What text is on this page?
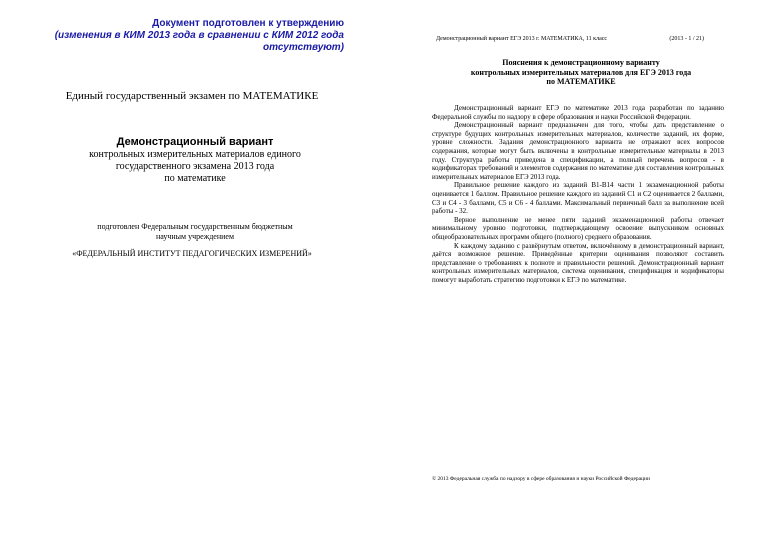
Документ подготовлен к утверждению
(изменения в КИМ 2013 года в сравнении с КИМ 2012 года
отсутствуют)
Единый государственный экзамен по МАТЕМАТИКЕ
Демонстрационный вариант
контрольных измерительных материалов единого
государственного экзамена 2013 года
по математике
подготовлен Федеральным государственным бюджетным
научным учреждением
«ФЕДЕРАЛЬНЫЙ ИНСТИТУТ ПЕДАГОГИЧЕСКИХ ИЗМЕРЕНИЙ»
Демонстрационный вариант ЕГЭ 2013 г. МАТЕМАТИКА, 11 класс	(2013 - 1 / 21)
Пояснения к демонстрационному варианту
контрольных измерительных материалов для ЕГЭ 2013 года
по МАТЕМАТИКЕ

Демонстрационный вариант ЕГЭ по математике 2013 года разработан по заданию Федеральной службы по надзору в сфере образования и науки Российской Федерации.

Демонстрационный вариант предназначен для того, чтобы дать представление о структуре будущих контрольных измерительных материалов, количестве заданий, их форме, уровне сложности. Задания демонстрационного варианта не отражают всех вопросов содержания, которые могут быть включены в контрольные измерительные материалы в 2013 году. Структура работы приведена в спецификации, а полный перечень вопросов - в кодификаторах требований и элементов содержания по математике для составления контрольных измерительных материалов ЕГЭ 2013 года.

Правильное решение каждого из заданий В1-В14 части 1 экзаменационной работы оценивается 1 баллом. Правильное решение каждого из заданий С1 и С2 оценивается 2 баллами, С3 и С4 - 3 баллами, С5 и С6 - 4 баллами. Максимальный первичный балл за выполнение всей работы - 32.

Верное выполнение не менее пяти заданий экзаменационной работы отвечает минимальному уровню подготовки, подтверждающему освоение выпускником основных общеобразовательных программ общего (полного) среднего образования.

К каждому заданию с развёрнутым ответом, включённому в демонстрационный вариант, даётся возможное решение. Приведённые критерии оценивания позволяют составить представление о требованиях к полноте и правильности решений. Демонстрационный вариант контрольных измерительных материалов, система оценивания, спецификация и кодификаторы помогут выработать стратегию подготовки к ЕГЭ по математике.

© 2013 Федеральная служба по надзору в сфере образования и науки Российской Федерации
